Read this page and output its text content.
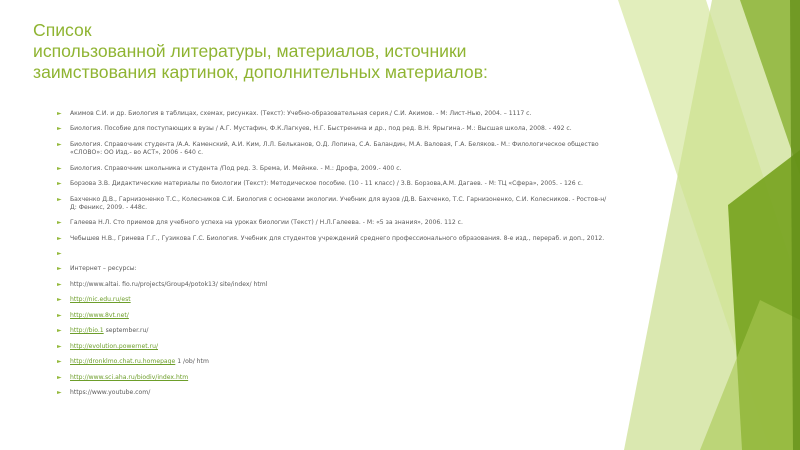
Список
использованной литературы, материалов, источники
заимствования картинок, дополнительных материалов:
► Акимов С.И. и др. Биология в таблицах, схемах, рисунках. (Текст): Учебно-образовательная серия./ С.И. Акимов. - М: Лист-Нью, 2004. – 1117 с.
► Биология. Пособие для поступающих в вузы / А.Г. Мустафин, Ф.К.Лагкуев, Н.Г. Быстренина и др., под ред. В.Н. Ярыгина.- М.: Высшая школа, 2008. - 492 с.
► Биология. Справочник студента /А.А. Каменский, А.И. Ким, Л.Л. Бельканов, О.Д. Лопина, С.А. Баландин, М.А. Валовая, Г.А. Беляков.- М.: Филологическое общество «СЛОВО»: ОО Изд.- во АСТ», 2006 - 640 с.
► Биология. Справочник школьника и студента /Под ред. З. Брема, И. Мейнке. - М.: Дрофа, 2009.- 400 с.
► Борзова З.В. Дидактические материалы по биологии (Текст): Методическое пособие. (10 - 11 класс) / З.В. Борзова,А.М. Дагаев. - М: ТЦ «Сфера», 2005. - 126 с.
► Бахченко Д.В., Гарнизоненко Т.С., Колесников С.И. Биология с основами экологии. Учебник для вузов /Д.В. Бахченко, Т.С. Гарнизоненко, С.И. Колесников. - Ростов-н/Д: Феникс, 2009. - 448с.
► Галеева Н.Л. Сто приемов для учебного успеха на уроках биологии (Текст) / Н.Л.Галеева. - М: «5 за знания», 2006. 112 с.
► Чебышев Н.В., Гринева Г.Г., Гузикова Г.С. Биология. Учебник для студентов учреждений среднего профессионального образования. 8-е изд., перераб. и доп., 2012.
►
► Интернет – ресурсы:
► http://www.altai. fio.ru/projects/Group4/potok13/ site/index/ html
► http://nic.edu.ru/est
► http://www.8vt.net/
► http://bio.1 september.ru/
► http://evolution.powernet.ru/
► http://dronklmo.chat.ru.homepage 1 /ob/ htm
► http://www.sci.aha.ru/biodiv/index.htm
► https://www.youtube.com/
